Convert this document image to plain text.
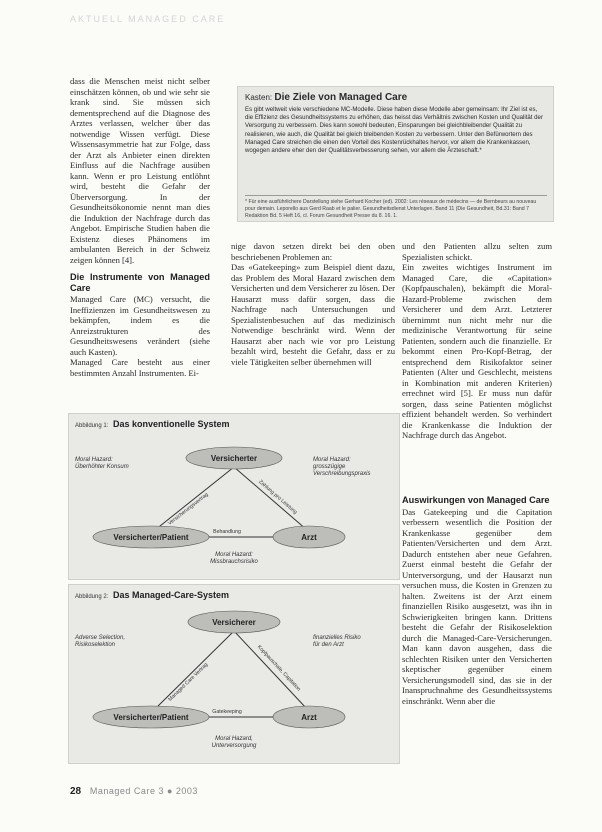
AKTUELL MANAGED CARE

dass die Menschen meist nicht selber einschätzen können, ob und wie sehr sie krank sind. Sie müssen sich dementsprechend auf die Diagnose des Arztes verlassen, welcher über das notwendige Wissen verfügt. Diese Wissensasymmetrie hat zur Folge, dass der Arzt als Anbieter einen direkten Einfluss auf die Nachfrage ausüben kann. Wenn er pro Leistung entlöhnt wird, besteht die Gefahr der Überversorgung. In der Gesundheitsökonomie nennt man dies die Induktion der Nachfrage durch das Angebot. Empirische Studien haben die Existenz dieses Phänomens im ambulanten Bereich in der Schweiz zeigen können [4].

Die Instrumente von Managed Care

Managed Care (MC) versucht, die Ineffizienzen im Gesundheitswesen zu bekämpfen, indem es die Anreizstrukturen des Gesundheitswesens verändert (siehe auch Kasten).

Managed Care besteht aus einer bestimmten Anzahl Instrumenten. Ei-

Kasten: Die Ziele von Managed Care
Es gibt weltweit viele verschiedene MC-Modelle. Diese haben diese Modelle aber gemeinsam: Ihr Ziel ist es, die Effizienz des Gesundheitssystems zu erhöhen, das heisst das Verhältnis zwischen Kosten und Qualität der Versorgung zu verbessern. Dies kann sowohl bedeuten, Einsparungen bei gleichbleibender Qualität zu realisieren, wie auch, die Qualität bei gleich bleibenden Kosten zu verbessern. Unter den Befürwortern des Managed Care streichen die einen den Vorteil des Kostenrückhaltes hervor, vor allem die Krankenkassen, wogegen andere eher den der Qualitätsverbesserung sehen, vor allem die Ärzteschaft.*
* Für eine ausführlichere Darstellung siehe Gerhard Kocher (ed). 2002: Les réseaux de médecins — de Bernbeurs au nouveau pour demain. Leporello aus Gerd Raab et le palier. Gesundheitsdienst Unterlagen. Band 11 (Die Gesundheit, Bd.31: Band 7 Redaktion Bd. 5 Heft 16, cl. Forum Gesundheit Presse du 8. 16. 1.

nige davon setzen direkt bei den oben beschriebenen Problemen an:

Das «Gatekeeping» zum Beispiel dient dazu, das Problem des Moral Hazard zwischen dem Versicherten und dem Versicherer zu lösen. Der Hausarzt muss dafür sorgen, dass die Nachfrage nach Untersuchungen und Spezialistenbesuchen auf das medizinisch Notwendige beschränkt wird. Wenn der Hausarzt aber nach wie vor pro Leistung bezahlt wird, besteht die Gefahr, dass er zu viele Tätigkeiten selber übernehmen will

und den Patienten allzu selten zum Spezialisten schickt.

Ein zweites wichtiges Instrument im Managed Care, die «Capitation» (Kopfpauschalen), bekämpft die Moral-Hazard-Probleme zwischen dem Versicherer und dem Arzt. Letzterer übernimmt nun nicht mehr nur die medizinische Verantwortung für seine Patienten, sondern auch die finanzielle. Er bekommt einen Pro-Kopf-Betrag, der entsprechend dem Risikofaktor seiner Patienten (Alter und Geschlecht, meistens in Kombination mit anderen Kriterien) errechnet wird [5]. Er muss nun dafür sorgen, dass seine Patienten möglichst effizient behandelt werden. So verhindert die Krankenkasse die Induktion der Nachfrage durch das Angebot.

Auswirkungen von Managed Care

Das Gatekeeping und die Capitation verbessern wesentlich die Position der Krankenkasse gegenüber dem Patienten/Versicherten und dem Arzt. Dadurch entstehen aber neue Gefahren. Zuerst einmal besteht die Gefahr der Unterversorgung, und der Hausarzt nun versuchen muss, die Kosten in Grenzen zu halten. Zweitens ist der Arzt einem finanziellen Risiko ausgesetzt, was ihn in Schwierigkeiten bringen kann. Drittens besteht die Gefahr der Risikoselektion durch die Managed-Care-Versicherungen. Man kann davon ausgehen, dass die schlechten Risiken unter den Versicherten skeptischer gegenüber einem Versicherungsmodell sind, das sie in der Inanspruchnahme des Gesundheitssystems einschränkt. Wenn aber die

Abbildung 1: Das konventionelle System
Versicherter
Versicherter/Patient	Arzt
Versicherungsvertrag	Zahlung pro Leistung
Behandlung
Moral Hazard:
Überhöhter Konsum
Moral Hazard:
grosszügige
Verschreibungspraxis
Moral Hazard:
Missbrauchsrisiko
Abbildung 2: Das Managed-Care-System
Versicherer
Versicherter/Patient	Arzt
Managed Care Vertrag	Kopfpauschale, Capitation
Gatekeeping
Adverse Selection,
Risikoselektion
finanzielles Risiko
für den Arzt
Moral Hazard,
Unterversorgung
28 Managed Care 3 ● 2003
